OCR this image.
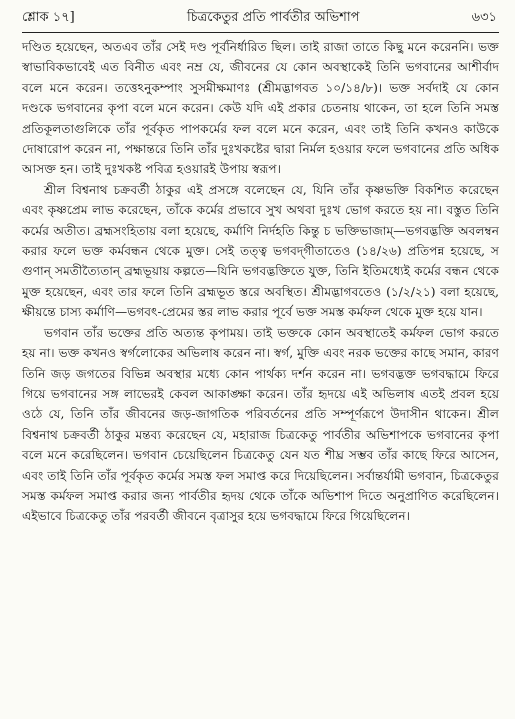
শ্লোক ১৭]	চিত্রকেতুর প্রতি পার্বতীর অভিশাপ	৬৩১

দণ্ডিত হয়েছেন, অতএব তাঁর সেই দণ্ড পূর্বনির্ধারিত ছিল। তাই রাজা তাতে কিছু মনে করেননি। ভক্ত স্বাভাবিকভাবেই এত বিনীত এবং নম্র যে, জীবনের যে কোন অবস্থাকেই তিনি ভগবানের আশীর্বাদ বলে মনে করেন। তত্তেঽনুকম্পাং সুসমীক্ষমাণঃ (শ্রীমদ্ভাগবত ১০/১৪/৮)। ভক্ত সর্বদাই যে কোন দণ্ডকে ভগবানের কৃপা বলে মনে করেন। কেউ যদি এই প্রকার চেতনায় থাকেন, তা হলে তিনি সমস্ত প্রতিকূলতাগুলিকে তাঁর পূর্বকৃত পাপকর্মের ফল বলে মনে করেন, এবং তাই তিনি কখনও কাউকে দোষারোপ করেন না, পক্ষান্তরে তিনি তাঁর দুঃখকষ্টের দ্বারা নির্মল হওয়ার ফলে ভগবানের প্রতি অধিক আসক্ত হন। তাই দুঃখকষ্ট পবিত্র হওয়ারই উপায় স্বরূপ।

শ্রীল বিশ্বনাথ চক্রবর্তী ঠাকুর এই প্রসঙ্গে বলেছেন যে, যিনি তাঁর কৃষ্ণভক্তি বিকশিত করেছেন এবং কৃষ্ণপ্রেম লাভ করেছেন, তাঁকে কর্মের প্রভাবে সুখ অথবা দুঃখ ভোগ করতে হয় না। বস্তুত তিনি কর্মের অতীত। ব্রহ্মসংহিতায় বলা হয়েছে, কর্মাণি নির্দহতি কিন্তু চ ভক্তিভাজাম্—ভগবদ্ভক্তি অবলম্বন করার ফলে ভক্ত কর্মবন্ধন থেকে মুক্ত। সেই তত্ত্ব ভগবদ্‌গীতাতেও (১৪/২৬) প্রতিপন্ন হয়েছে, স গুণান্ সমতীত্যৈতান্ ব্রহ্মভূয়ায় কল্পতে—যিনি ভগবদ্ভক্তিতে যুক্ত, তিনি ইতিমধ্যেই কর্মের বন্ধন থেকে মুক্ত হয়েছেন, এবং তার ফলে তিনি ব্রহ্মভূত স্তরে অবস্থিত। শ্রীমদ্ভাগবতেও (১/২/২১) বলা হয়েছে, ক্ষীয়ন্তে চাস্য কর্মাণি—ভগবৎ-প্রেমের স্তর লাভ করার পূর্বে ভক্ত সমস্ত কর্মফল থেকে মুক্ত হয়ে যান।

ভগবান তাঁর ভক্তের প্রতি অত্যন্ত কৃপাময়। তাই ভক্তকে কোন অবস্থাতেই কর্মফল ভোগ করতে হয় না। ভক্ত কখনও স্বর্গলোকের অভিলাষ করেন না। স্বর্গ, মুক্তি এবং নরক ভক্তের কাছে সমান, কারণ তিনি জড় জগতের বিভিন্ন অবস্থার মধ্যে কোন পার্থক্য দর্শন করেন না। ভগবদ্ভক্ত ভগবদ্ধামে ফিরে গিয়ে ভগবানের সঙ্গ লাভেরই কেবল আকাঙ্ক্ষা করেন। তাঁর হৃদয়ে এই অভিলাষ এতই প্রবল হয়ে ওঠে যে, তিনি তাঁর জীবনের জড়-জাগতিক পরিবর্তনের প্রতি সম্পূর্ণরূপে উদাসীন থাকেন। শ্রীল বিশ্বনাথ চক্রবর্তী ঠাকুর মন্তব্য করেছেন যে, মহারাজ চিত্রকেতু পার্বতীর অভিশাপকে ভগবানের কৃপা বলে মনে করেছিলেন। ভগবান চেয়েছিলেন চিত্রকেতু যেন যত শীঘ্র সম্ভব তাঁর কাছে ফিরে আসেন, এবং তাই তিনি তাঁর পূর্বকৃত কর্মের সমস্ত ফল সমাপ্ত করে দিয়েছিলেন। সর্বান্তর্যামী ভগবান, চিত্রকেতুর সমস্ত কর্মফল সমাপ্ত করার জন্য পার্বতীর হৃদয় থেকে তাঁকে অভিশাপ দিতে অনুপ্রাণিত করেছিলেন। এইভাবে চিত্রকেতু তাঁর পরবর্তী জীবনে বৃত্রাসুর হয়ে ভগবদ্ধামে ফিরে গিয়েছিলেন।
